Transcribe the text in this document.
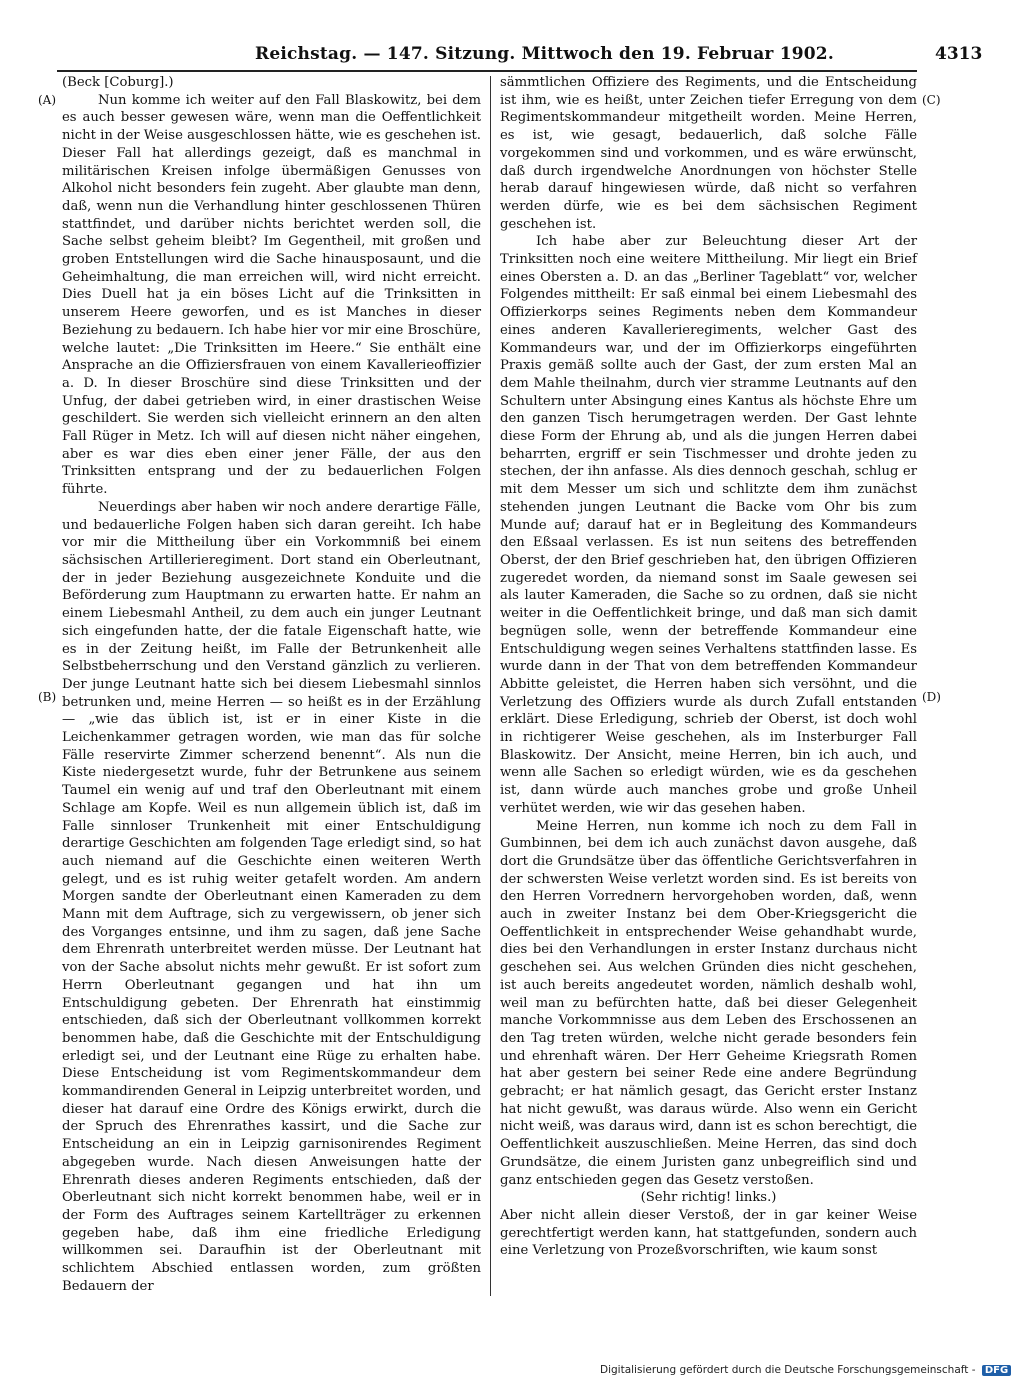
Reichstag. — 147. Sitzung. Mittwoch den 19. Februar 1902.	4313
(A)
(B)
(C)
(D)

(Beck [Coburg].)

Nun komme ich weiter auf den Fall Blaskowitz, bei dem es auch besser gewesen wäre, wenn man die Oeffentlichkeit nicht in der Weise ausgeschlossen hätte, wie es geschehen ist. Dieser Fall hat allerdings gezeigt, daß es manchmal in militärischen Kreisen infolge übermäßigen Genusses von Alkohol nicht besonders fein zugeht. Aber glaubte man denn, daß, wenn nun die Verhandlung hinter geschlossenen Thüren stattfindet, und darüber nichts berichtet werden soll, die Sache selbst geheim bleibt? Im Gegentheil, mit großen und groben Entstellungen wird die Sache hinausposaunt, und die Geheimhaltung, die man erreichen will, wird nicht erreicht. Dies Duell hat ja ein böses Licht auf die Trinksitten in unserem Heere geworfen, und es ist Manches in dieser Beziehung zu bedauern. Ich habe hier vor mir eine Broschüre, welche lautet: „Die Trinksitten im Heere.“ Sie enthält eine Ansprache an die Offiziersfrauen von einem Kavallerieoffizier a. D. In dieser Broschüre sind diese Trinksitten und der Unfug, der dabei getrieben wird, in einer drastischen Weise geschildert. Sie werden sich vielleicht erinnern an den alten Fall Rüger in Metz. Ich will auf diesen nicht näher eingehen, aber es war dies eben einer jener Fälle, der aus den Trinksitten entsprang und der zu bedauerlichen Folgen führte.

Neuerdings aber haben wir noch andere derartige Fälle, und bedauerliche Folgen haben sich daran gereiht. Ich habe vor mir die Mittheilung über ein Vorkommniß bei einem sächsischen Artillerieregiment. Dort stand ein Oberleutnant, der in jeder Beziehung ausgezeichnete Konduite und die Beförderung zum Hauptmann zu erwarten hatte. Er nahm an einem Liebesmahl Antheil, zu dem auch ein junger Leutnant sich eingefunden hatte, der die fatale Eigenschaft hatte, wie es in der Zeitung heißt, im Falle der Betrunkenheit alle Selbstbeherrschung und den Verstand gänzlich zu verlieren. Der junge Leutnant hatte sich bei diesem Liebesmahl sinnlos betrunken und, meine Herren — so heißt es in der Erzählung — „wie das üblich ist, ist er in einer Kiste in die Leichenkammer getragen worden, wie man das für solche Fälle reservirte Zimmer scherzend benennt“. Als nun die Kiste niedergesetzt wurde, fuhr der Betrunkene aus seinem Taumel ein wenig auf und traf den Oberleutnant mit einem Schlage am Kopfe. Weil es nun allgemein üblich ist, daß im Falle sinnloser Trunkenheit mit einer Entschuldigung derartige Geschichten am folgenden Tage erledigt sind, so hat auch niemand auf die Geschichte einen weiteren Werth gelegt, und es ist ruhig weiter getafelt worden. Am andern Morgen sandte der Oberleutnant einen Kameraden zu dem Mann mit dem Auftrage, sich zu vergewissern, ob jener sich des Vorganges entsinne, und ihm zu sagen, daß jene Sache dem Ehrenrath unterbreitet werden müsse. Der Leutnant hat von der Sache absolut nichts mehr gewußt. Er ist sofort zum Herrn Oberleutnant gegangen und hat ihn um Entschuldigung gebeten. Der Ehrenrath hat einstimmig entschieden, daß sich der Oberleutnant vollkommen korrekt benommen habe, daß die Geschichte mit der Entschuldigung erledigt sei, und der Leutnant eine Rüge zu erhalten habe. Diese Entscheidung ist vom Regimentskommandeur dem kommandirenden General in Leipzig unterbreitet worden, und dieser hat darauf eine Ordre des Königs erwirkt, durch die der Spruch des Ehrenrathes kassirt, und die Sache zur Entscheidung an ein in Leipzig garnisonirendes Regiment abgegeben wurde. Nach diesen Anweisungen hatte der Ehrenrath dieses anderen Regiments entschieden, daß der Oberleutnant sich nicht korrekt benommen habe, weil er in der Form des Auftrages seinem Kartellträger zu erkennen gegeben habe, daß ihm eine friedliche Erledigung willkommen sei. Daraufhin ist der Oberleutnant mit schlichtem Abschied entlassen worden, zum größten Bedauern der

sämmtlichen Offiziere des Regiments, und die Entscheidung ist ihm, wie es heißt, unter Zeichen tiefer Erregung von dem Regimentskommandeur mitgetheilt worden. Meine Herren, es ist, wie gesagt, bedauerlich, daß solche Fälle vorgekommen sind und vorkommen, und es wäre erwünscht, daß durch irgendwelche Anordnungen von höchster Stelle herab darauf hingewiesen würde, daß nicht so verfahren werden dürfe, wie es bei dem sächsischen Regiment geschehen ist.

Ich habe aber zur Beleuchtung dieser Art der Trinksitten noch eine weitere Mittheilung. Mir liegt ein Brief eines Obersten a. D. an das „Berliner Tageblatt“ vor, welcher Folgendes mittheilt: Er saß einmal bei einem Liebesmahl des Offizierkorps seines Regiments neben dem Kommandeur eines anderen Kavallerieregiments, welcher Gast des Kommandeurs war, und der im Offizierkorps eingeführten Praxis gemäß sollte auch der Gast, der zum ersten Mal an dem Mahle theilnahm, durch vier stramme Leutnants auf den Schultern unter Absingung eines Kantus als höchste Ehre um den ganzen Tisch herumgetragen werden. Der Gast lehnte diese Form der Ehrung ab, und als die jungen Herren dabei beharrten, ergriff er sein Tischmesser und drohte jeden zu stechen, der ihn anfasse. Als dies dennoch geschah, schlug er mit dem Messer um sich und schlitzte dem ihm zunächst stehenden jungen Leutnant die Backe vom Ohr bis zum Munde auf; darauf hat er in Begleitung des Kommandeurs den Eßsaal verlassen. Es ist nun seitens des betreffenden Oberst, der den Brief geschrieben hat, den übrigen Offizieren zugeredet worden, da niemand sonst im Saale gewesen sei als lauter Kameraden, die Sache so zu ordnen, daß sie nicht weiter in die Oeffentlichkeit bringe, und daß man sich damit begnügen solle, wenn der betreffende Kommandeur eine Entschuldigung wegen seines Verhaltens stattfinden lasse. Es wurde dann in der That von dem betreffenden Kommandeur Abbitte geleistet, die Herren haben sich versöhnt, und die Verletzung des Offiziers wurde als durch Zufall entstanden erklärt. Diese Erledigung, schrieb der Oberst, ist doch wohl in richtigerer Weise geschehen, als im Insterburger Fall Blaskowitz. Der Ansicht, meine Herren, bin ich auch, und wenn alle Sachen so erledigt würden, wie es da geschehen ist, dann würde auch manches grobe und große Unheil verhütet werden, wie wir das gesehen haben.

Meine Herren, nun komme ich noch zu dem Fall in Gumbinnen, bei dem ich auch zunächst davon ausgehe, daß dort die Grundsätze über das öffentliche Gerichtsverfahren in der schwersten Weise verletzt worden sind. Es ist bereits von den Herren Vorrednern hervorgehoben worden, daß, wenn auch in zweiter Instanz bei dem Ober-Kriegsgericht die Oeffentlichkeit in entsprechender Weise gehandhabt wurde, dies bei den Verhandlungen in erster Instanz durchaus nicht geschehen sei. Aus welchen Gründen dies nicht geschehen, ist auch bereits angedeutet worden, nämlich deshalb wohl, weil man zu befürchten hatte, daß bei dieser Gelegenheit manche Vorkommnisse aus dem Leben des Erschossenen an den Tag treten würden, welche nicht gerade besonders fein und ehrenhaft wären. Der Herr Geheime Kriegsrath Romen hat aber gestern bei seiner Rede eine andere Begründung gebracht; er hat nämlich gesagt, das Gericht erster Instanz hat nicht gewußt, was daraus würde. Also wenn ein Gericht nicht weiß, was daraus wird, dann ist es schon berechtigt, die Oeffentlichkeit auszuschließen. Meine Herren, das sind doch Grundsätze, die einem Juristen ganz unbegreiflich sind und ganz entschieden gegen das Gesetz verstoßen.

(Sehr richtig! links.)

Aber nicht allein dieser Verstoß, der in gar keiner Weise gerechtfertigt werden kann, hat stattgefunden, sondern auch eine Verletzung von Prozeßvorschriften, wie kaum sonst

Digitalisierung gefördert durch die Deutsche Forschungsgemeinschaft - DFG
